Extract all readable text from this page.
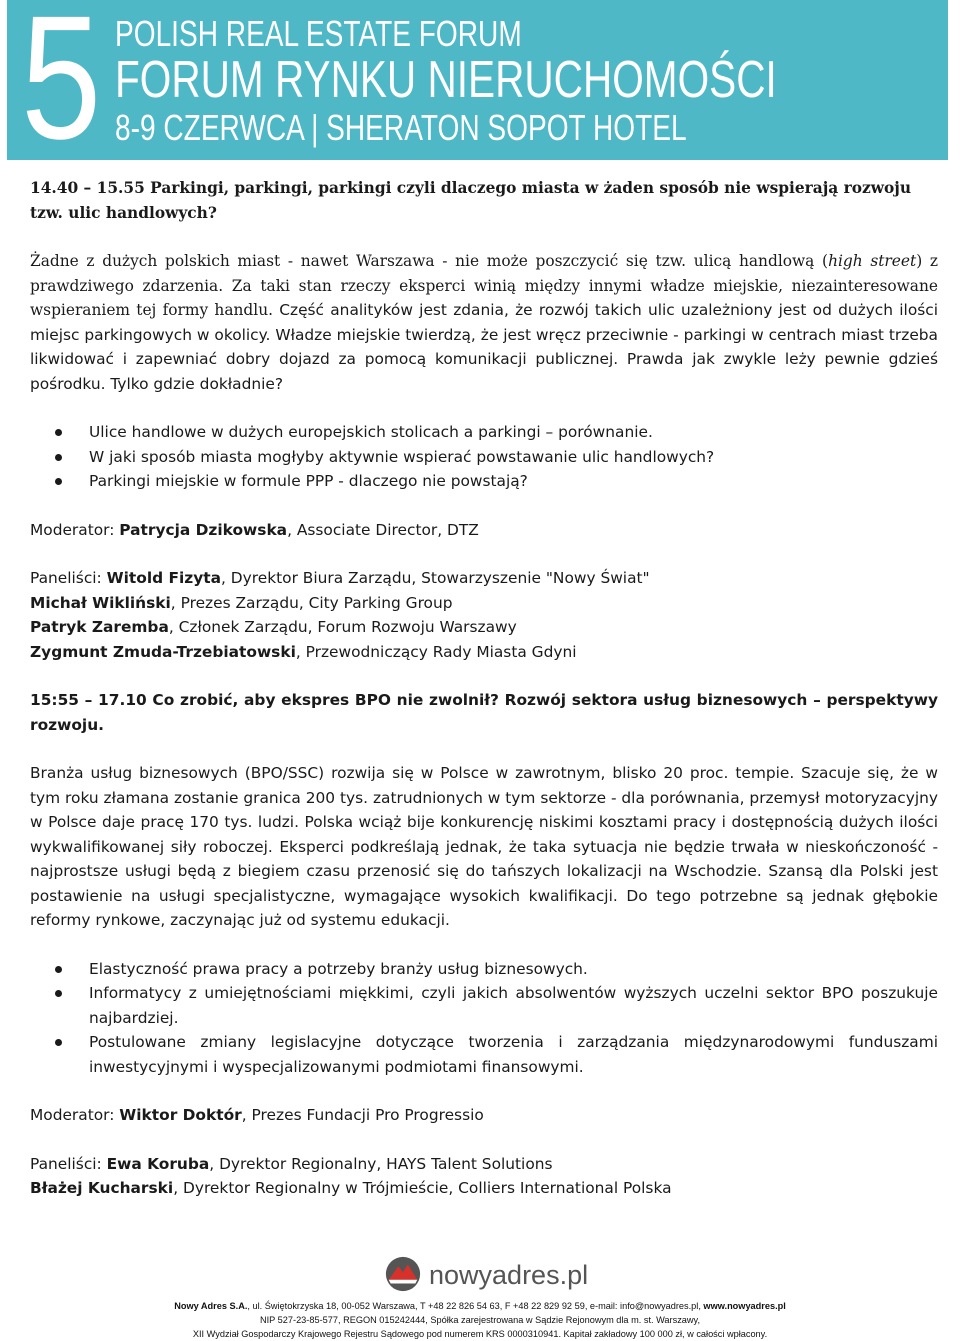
5 POLISH REAL ESTATE FORUM
FORUM RYNKU NIERUCHOMOŚCI
8-9 CZERWCA | SHERATON SOPOT HOTEL

14.40 – 15.55 Parkingi, parkingi, parkingi czyli dlaczego miasta w żaden sposób nie wspierają rozwoju tzw. ulic handlowych?

Żadne z dużych polskich miast - nawet Warszawa - nie może poszczycić się tzw. ulicą handlową (high street) z prawdziwego zdarzenia. Za taki stan rzeczy eksperci winią między innymi władze miejskie, niezainteresowane wspieraniem tej formy handlu. Część analityków jest zdania, że rozwój takich ulic uzależniony jest od dużych ilości miejsc parkingowych w okolicy. Władze miejskie twierdzą, że jest wręcz przeciwnie - parkingi w centrach miast trzeba likwidować i zapewniać dobry dojazd za pomocą komunikacji publicznej. Prawda jak zwykle leży pewnie gdzieś pośrodku. Tylko gdzie dokładnie?

Ulice handlowe w dużych europejskich stolicach a parkingi – porównanie.
W jaki sposób miasta mogłyby aktywnie wspierać powstawanie ulic handlowych?
Parkingi miejskie w formule PPP - dlaczego nie powstają?

Moderator: Patrycja Dzikowska, Associate Director, DTZ

Paneliści: Witold Fizyta, Dyrektor Biura Zarządu, Stowarzyszenie "Nowy Świat"

Michał Wikliński, Prezes Zarządu, City Parking Group

Patryk Zaremba, Członek Zarządu, Forum Rozwoju Warszawy

Zygmunt Zmuda-Trzebiatowski, Przewodniczący Rady Miasta Gdyni

15:55 – 17.10 Co zrobić, aby ekspres BPO nie zwolnił? Rozwój sektora usług biznesowych – perspektywy rozwoju.

Branża usług biznesowych (BPO/SSC) rozwija się w Polsce w zawrotnym, blisko 20 proc. tempie. Szacuje się, że w tym roku złamana zostanie granica 200 tys. zatrudnionych w tym sektorze - dla porównania, przemysł motoryzacyjny w Polsce daje pracę 170 tys. ludzi. Polska wciąż bije konkurencję niskimi kosztami pracy i dostępnością dużych ilości wykwalifikowanej siły roboczej. Eksperci podkreślają jednak, że taka sytuacja nie będzie trwała w nieskończoność - najprostsze usługi będą z biegiem czasu przenosić się do tańszych lokalizacji na Wschodzie. Szansą dla Polski jest postawienie na usługi specjalistyczne, wymagające wysokich kwalifikacji. Do tego potrzebne są jednak głębokie reformy rynkowe, zaczynając już od systemu edukacji.

Elastyczność prawa pracy a potrzeby branży usług biznesowych.
Informatycy z umiejętnościami miękkimi, czyli jakich absolwentów wyższych uczelni sektor BPO poszukuje najbardziej.
Postulowane zmiany legislacyjne dotyczące tworzenia i zarządzania międzynarodowymi funduszami inwestycyjnymi i wyspecjalizowanymi podmiotami finansowymi.

Moderator: Wiktor Doktór, Prezes Fundacji Pro Progressio

Paneliści: Ewa Koruba, Dyrektor Regionalny, HAYS Talent Solutions

Błażej Kucharski, Dyrektor Regionalny w Trójmieście, Colliers International Polska

nowyadres.pl
Nowy Adres S.A., ul. Świętokrzyska 18, 00-052 Warszawa, T +48 22 826 54 63, F +48 22 829 92 59, e-mail: info@nowyadres.pl, www.nowyadres.pl
NIP 527-23-85-577, REGON 015242444, Spółka zarejestrowana w Sądzie Rejonowym dla m. st. Warszawy,
XII Wydział Gospodarczy Krajowego Rejestru Sądowego pod numerem KRS 0000310941. Kapitał zakładowy 100 000 zł, w całości wpłacony.
